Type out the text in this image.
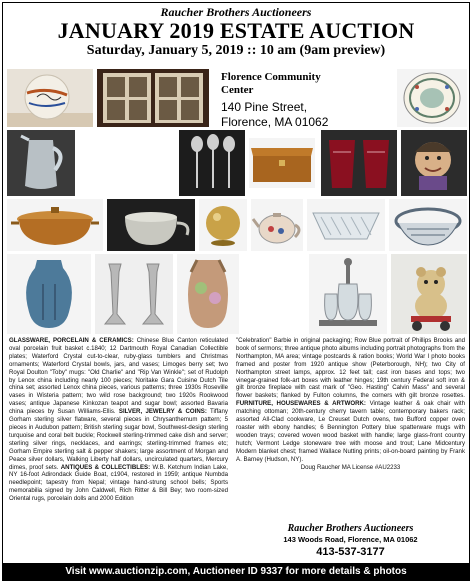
Raucher Brothers Auctioneers
JANUARY 2019 ESTATE AUCTION
Saturday, January 5, 2019 :: 10 am (9am preview)
Florence Community Center
140 Pine Street,
Florence, MA 01062
GLASSWARE, PORCELAIN & CERAMICS: Chinese Blue Canton reticulated oval porcelain fruit basket c.1840; 12 Dartmouth Royal Canadian Collectible plates; Waterford Crystal cut-to-clear, ruby-glass tumblers and Christmas ornaments; Waterford Crystal bowls, jars, and vases; Limoges berry set; two Royal Doulton "Toby" mugs: "Old Charlie" and "Rip Van Winkle"; set of Rudolph by Lenox china including nearly 100 pieces; Noritake Gara Cuisine Dutch Tile china set; assorted Lenox china pieces, various patterns; three 1930s Roseville vases in Wisteria pattern; two wild rose background; two 1920s Rookwood vases; antique Japanese Kinkozan teapot and sugar bowl; assorted Bavaria china pieces by Susan Williams-Ellis. SILVER, JEWELRY & COINS: Tiffany Gorham sterling silver flatware, several pieces in Chrysanthemum pattern; 5 pieces in Audubon pattern; British sterling sugar bowl, Southwest-design sterling turquoise and coral belt buckle; Rockwell sterling-trimmed cake dish and server; sterling silver rings, necklaces, and earrings; sterling-trimmed frames etc; Gorham Empire sterling salt & pepper shakers; large assortment of Morgan and Peace silver dollars, Walking Liberty half dollars, uncirculated quarters, Mercury dimes, proof sets. ANTIQUES & COLLECTIBLES: W.B. Ketchum Indian Lake, NY 16-foot Adirondack Guide Boat, c1904, restored in 1959; antique Numbda needlepoint; tapestry from Nepal; vintage hand-strung school bells; Sports memorabilia signed by John Caldwell, Rich Ritter & Bill Bey; two room-sized Oriental rugs, porcelain dolls and 2000 Edition
"Celebration" Barbie in original packaging; Row Blue portrait of Phillips Brooks and book of sermons; three antique photo albums including portrait photographs from the Northampton, MA area; vintage postcards & ration books; World War I photo books framed and poster from 1920 antique show (Peterborough, NH); two City of Northampton street lamps, approx. 12 feet tall; cast iron bases and tops; two vinegar-grained folk-art boxes with leather hinges; 19th century Federal soft iron & gilt bronze fireplace with cast mark of "Geo. Hasting" Calvin Mass" and several flower baskets; flanked by Fulton columns, the corners with gilt bronze rosettes. FURNITURE, HOUSEWARES & ARTWORK: Vintage leather & oak chair with matching ottoman; 20th-century cherry tavern table; contemporary bakers rack; assorted All-Clad cookware, Le Creuset Dutch ovens, two Bufford copper oven roaster with ebony handles; 6 Bennington Pottery blue spatterware mugs with wooden trays; covered woven wood basket with handle; large glass-front country hutch; Vermont Ledge stoneware tree with moose and trout; Lane Midcentury Modern blanket chest; framed Wallace Nutting prints; oil-on-board painting by Frank A. Barney (Hudson, NY).
Doug Raucher MA License #AU2233
Raucher Brothers Auctioneers
143 Woods Road, Florence, MA 01062
413-537-3177
Visit www.auctionzip.com, Auctioneer ID 9337 for more details & photos
